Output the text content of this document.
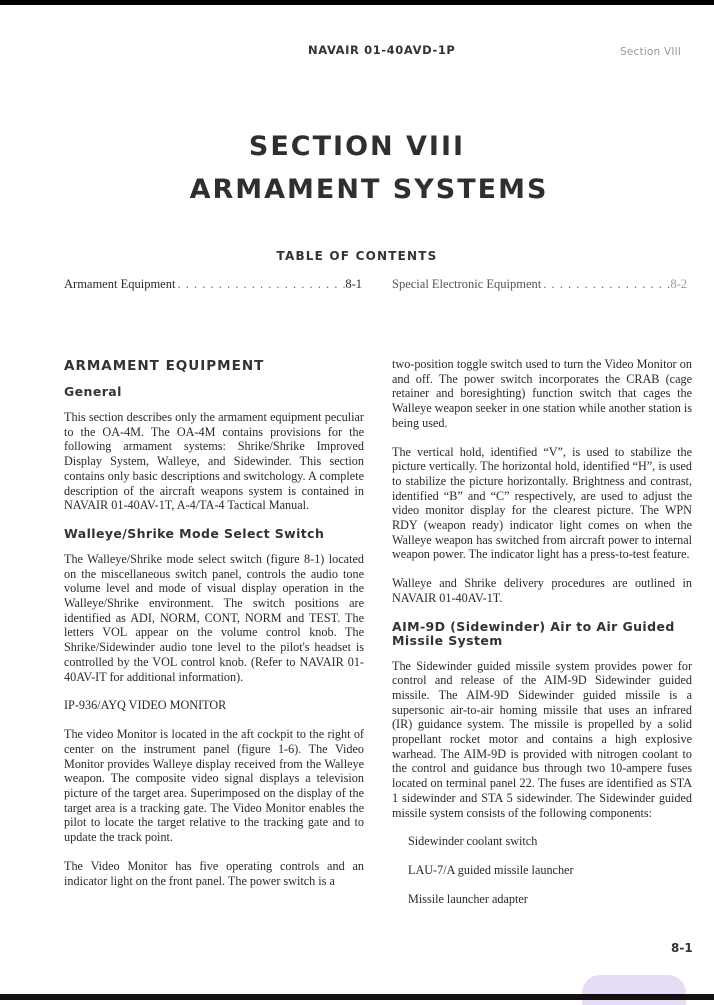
NAVAIR 01-40AVD-1P	Section VIII
SECTION VIII
ARMAMENT SYSTEMS
TABLE OF CONTENTS
Armament Equipment . . .	8-1 Special Electronic Equipment . . .	8-2
ARMAMENT EQUIPMENT
General

This section describes only the armament equipment peculiar to the OA-4M. The OA-4M contains provisions for the following armament systems: Shrike/Shrike Improved Display System, Walleye, and Sidewinder. This section contains only basic descriptions and switchology. A complete description of the aircraft weapons system is contained in NAVAIR 01-40AV-1T, A-4/TA-4 Tactical Manual.

Walleye/Shrike Mode Select Switch

The Walleye/Shrike mode select switch (figure 8-1) located on the miscellaneous switch panel, controls the audio tone volume level and mode of visual display operation in the Walleye/Shrike environment. The switch positions are identified as ADI, NORM, CONT, NORM and TEST. The letters VOL appear on the volume control knob. The Shrike/Sidewinder audio tone level to the pilot's headset is controlled by the VOL control knob. (Refer to NAVAIR 01-40AV-IT for additional information).

IP-936/AYQ VIDEO MONITOR

The video Monitor is located in the aft cockpit to the right of center on the instrument panel (figure 1-6). The Video Monitor provides Walleye display received from the Walleye weapon. The composite video signal displays a television picture of the target area. Superimposed on the display of the target area is a tracking gate. The Video Monitor enables the pilot to locate the target relative to the tracking gate and to update the track point.

The Video Monitor has five operating controls and an indicator light on the front panel. The power switch is a

two-position toggle switch used to turn the Video Monitor on and off. The power switch incorporates the CRAB (cage retainer and boresighting) function switch that cages the Walleye weapon seeker in one station while another station is being used.

The vertical hold, identified “V”, is used to stabilize the picture vertically. The horizontal hold, identified “H”, is used to stabilize the picture horizontally. Brightness and contrast, identified “B” and “C” respectively, are used to adjust the video monitor display for the clearest picture. The WPN RDY (weapon ready) indicator light comes on when the Walleye weapon has switched from aircraft power to internal weapon power. The indicator light has a press-to-test feature.

Walleye and Shrike delivery procedures are outlined in NAVAIR 01-40AV-1T.

AIM-9D (Sidewinder) Air to Air Guided Missile System

The Sidewinder guided missile system provides power for control and release of the AIM-9D Sidewinder guided missile. The AIM-9D Sidewinder guided missile is a supersonic air-to-air homing missile that uses an infrared (IR) guidance system. The missile is propelled by a solid propellant rocket motor and contains a high explosive warhead. The AIM-9D is provided with nitrogen coolant to the control and guidance bus through two 10-ampere fuses located on terminal panel 22. The fuses are identified as STA 1 sidewinder and STA 5 sidewinder. The Sidewinder guided missile system consists of the following components:

Sidewinder coolant switch
LAU-7/A guided missile launcher
Missile launcher adapter
8-1
